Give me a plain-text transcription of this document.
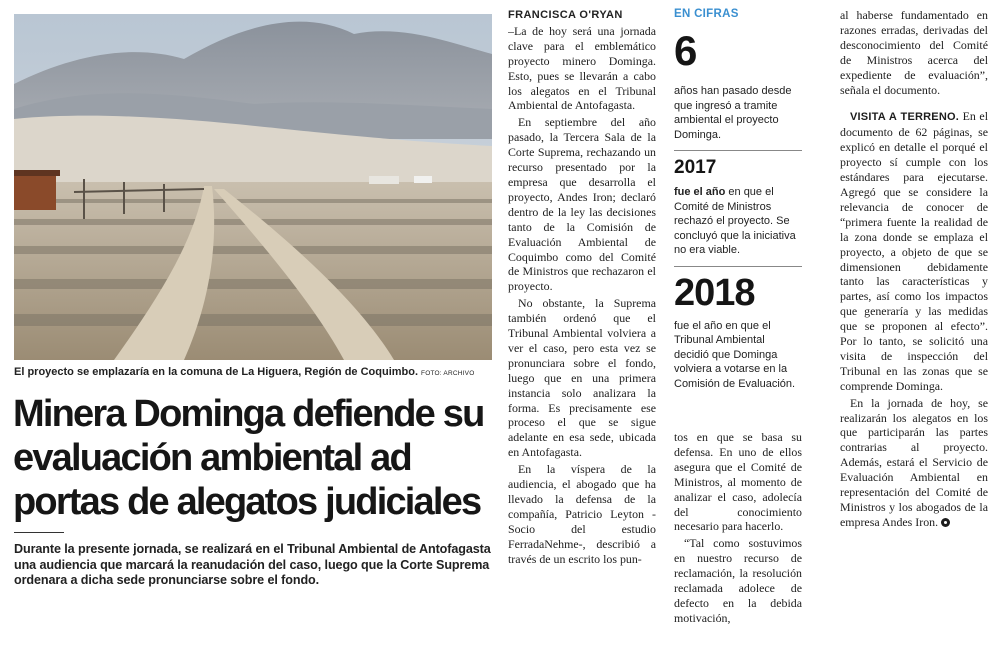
El proyecto se emplazaría en la comuna de La Higuera, Región de Coquimbo. FOTO: ARCHIVO
Minera Dominga defiende su evaluación ambiental ad portas de alegatos judiciales

Durante la presente jornada, se realizará en el Tribunal Ambiental de Antofagasta una audiencia que marcará la reanudación del caso, luego que la Corte Suprema ordenara a dicha sede pronunciarse sobre el fondo.

FRANCISCA O'RYAN

–La de hoy será una jornada clave para el emblemático proyecto minero Dominga. Esto, pues se llevarán a cabo los alegatos en el Tribunal Ambiental de Antofagasta.

En septiembre del año pasado, la Tercera Sala de la Corte Suprema, rechazando un recurso presentado por la empresa que desarrolla el proyecto, Andes Iron; declaró dentro de la ley las decisiones tanto de la Comisión de Evaluación Ambiental de Coquimbo como del Comité de Ministros que rechazaron el proyecto.

No obstante, la Suprema también ordenó que el Tribunal Ambiental volviera a ver el caso, pero esta vez se pronunciara sobre el fondo, luego que en una primera instancia solo analizara la forma. Es precisamente ese proceso el que se sigue adelante en esa sede, ubicada en Antofagasta.

En la víspera de la audiencia, el abogado que ha llevado la defensa de la compañía, Patricio Leyton -Socio del estudio FerradaNehme-, describió a través de un escrito los pun-

EN CIFRAS
6

años han pasado desde que ingresó a tramite ambiental el proyecto Dominga.

2017

fue el año en que el Comité de Ministros rechazó el proyecto. Se concluyó que la iniciativa no era viable.

2018

fue el año en que el Tribunal Ambiental decidió que Dominga volviera a votarse en la Comisión de Evaluación.

tos en que se basa su defensa. En uno de ellos asegura que el Comité de Ministros, al momento de analizar el caso, adolecía del conocimiento necesario para hacerlo.

“Tal como sostuvimos en nuestro recurso de reclamación, la resolución reclamada adolece de defecto en la debida motivación,

al haberse fundamentado en razones erradas, derivadas del desconocimiento del Comité de Ministros acerca del expediente de evaluación”, señala el documento.

VISITA A TERRENO. En el documento de 62 páginas, se explicó en detalle el porqué el proyecto sí cumple con los estándares para ejecutarse. Agregó que se considere la relevancia de conocer de “primera fuente la realidad de la zona donde se emplaza el proyecto, a objeto de que se dimensionen debidamente tanto las características y partes, así como los impactos que generaría y las medidas que se proponen al efecto”. Por lo tanto, se solicitó una visita de inspección del Tribunal en las zonas que se comprende Dominga.

En la jornada de hoy, se realizarán los alegatos en los que participarán las partes contrarias al proyecto. Además, estará el Servicio de Evaluación Ambiental en representación del Comité de Ministros y los abogados de la empresa Andes Iron.
